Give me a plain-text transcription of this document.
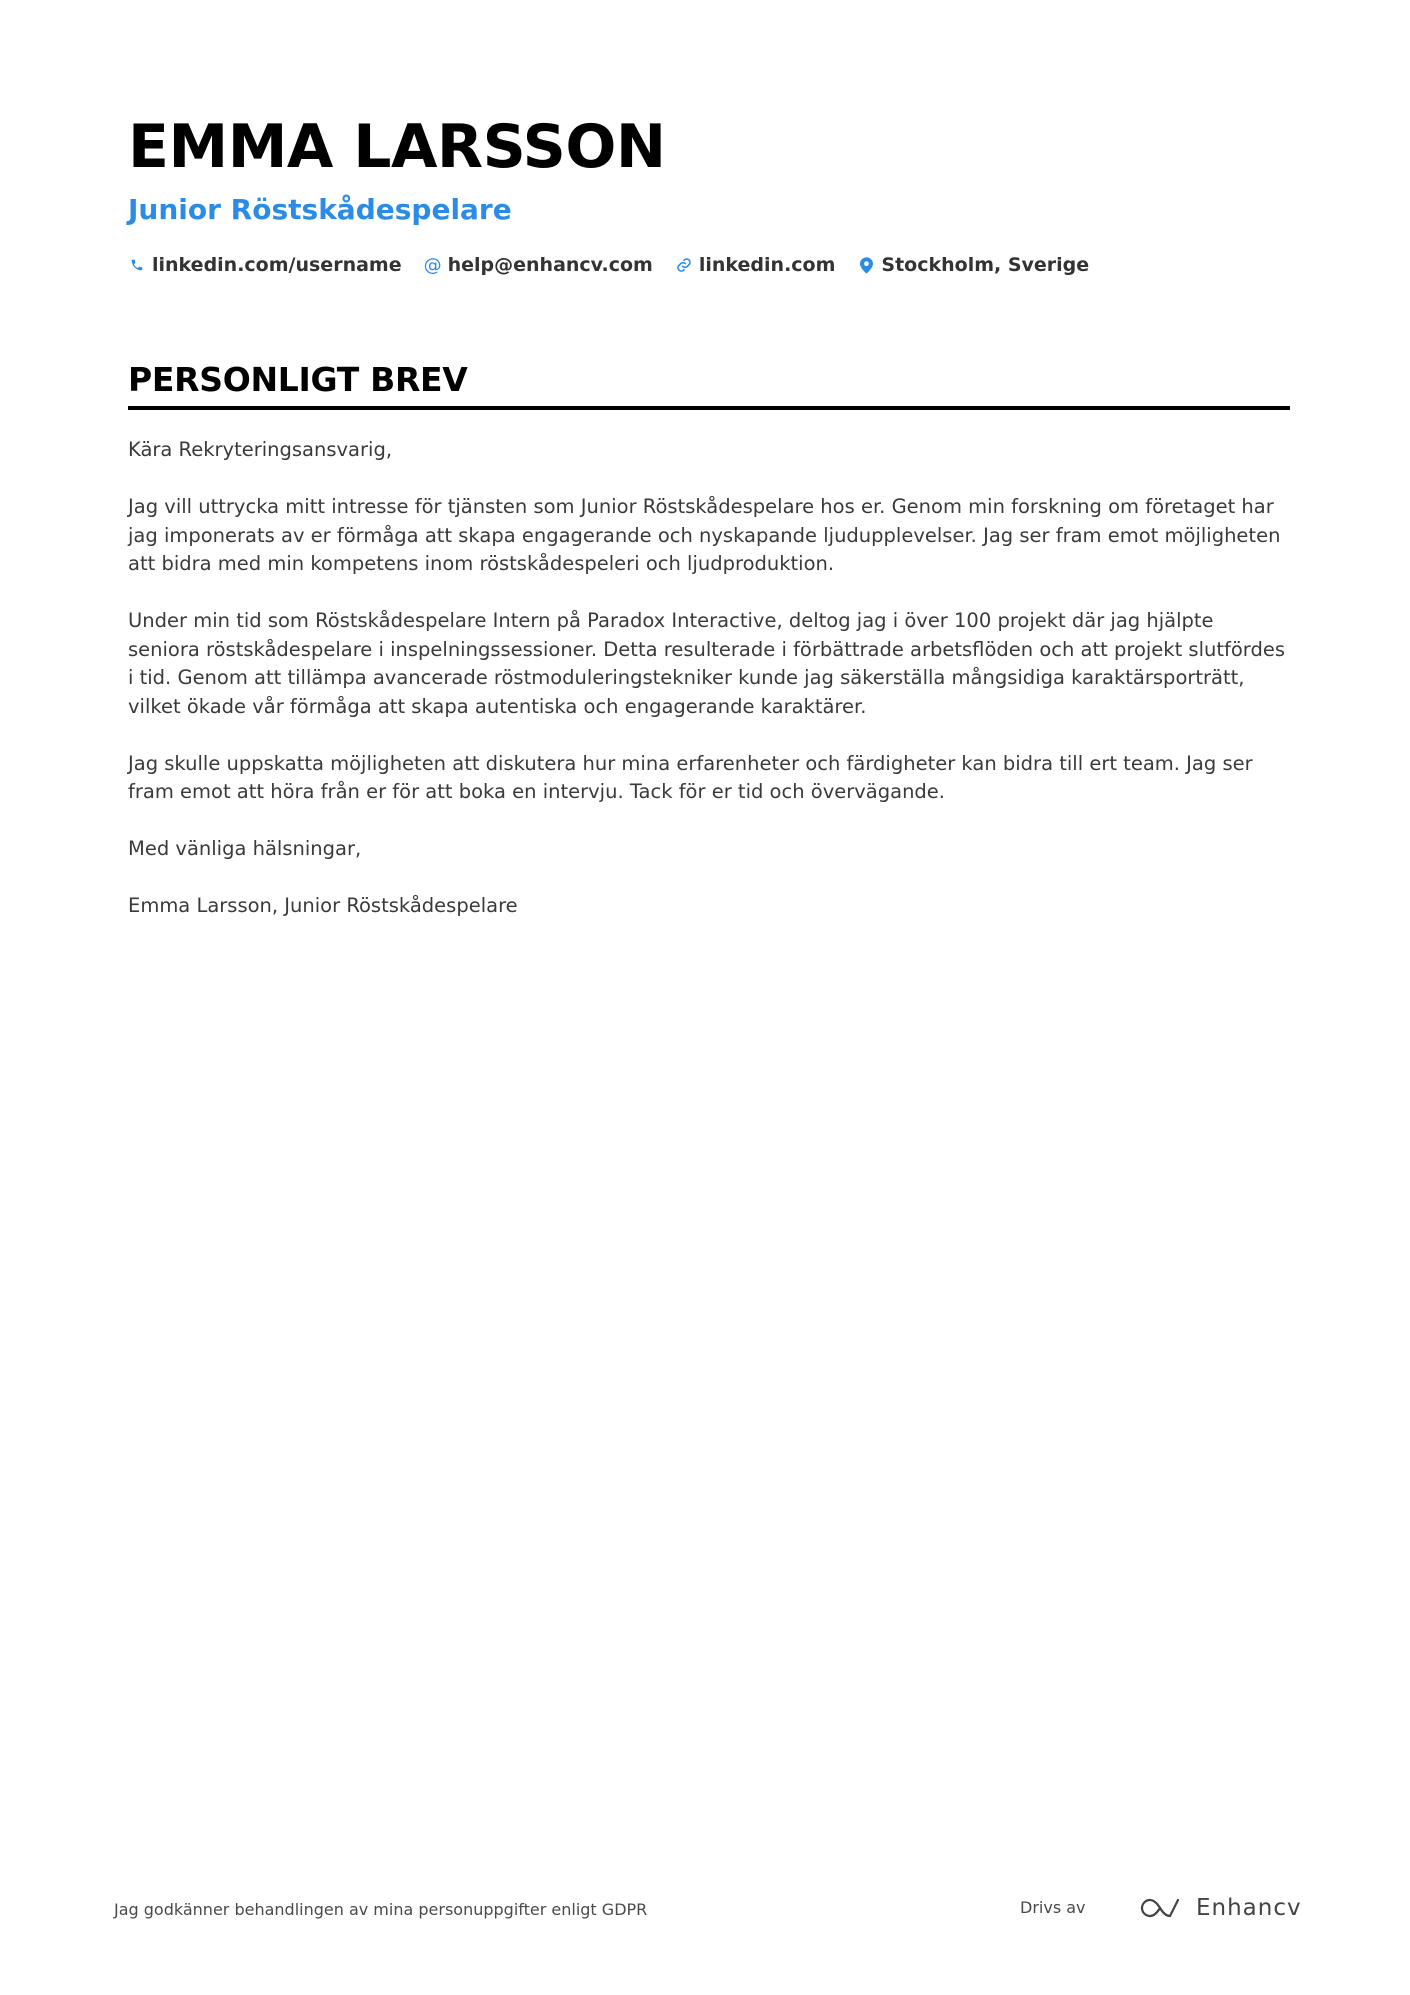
EMMA LARSSON
Junior Röstskådespelare
linkedin.com/username @ help@enhancv.com linkedin.com Stockholm, Sverige
PERSONLIGT BREV

Kära Rekryteringsansvarig,

Jag vill uttrycka mitt intresse för tjänsten som Junior Röstskådespelare hos er. Genom min forskning om företaget har jag imponerats av er förmåga att skapa engagerande och nyskapande ljudupplevelser. Jag ser fram emot möjligheten att bidra med min kompetens inom röstskådespeleri och ljudproduktion.

Under min tid som Röstskådespelare Intern på Paradox Interactive, deltog jag i över 100 projekt där jag hjälpte seniora röstskådespelare i inspelningssessioner. Detta resulterade i förbättrade arbetsflöden och att projekt slutfördes i tid. Genom att tillämpa avancerade röstmoduleringstekniker kunde jag säkerställa mångsidiga karaktärsporträtt, vilket ökade vår förmåga att skapa autentiska och engagerande karaktärer.

Jag skulle uppskatta möjligheten att diskutera hur mina erfarenheter och färdigheter kan bidra till ert team. Jag ser fram emot att höra från er för att boka en intervju. Tack för er tid och övervägande.

Med vänliga hälsningar,

Emma Larsson, Junior Röstskådespelare

Jag godkänner behandlingen av mina personuppgifter enligt GDPR	Drivs av	Enhancv
